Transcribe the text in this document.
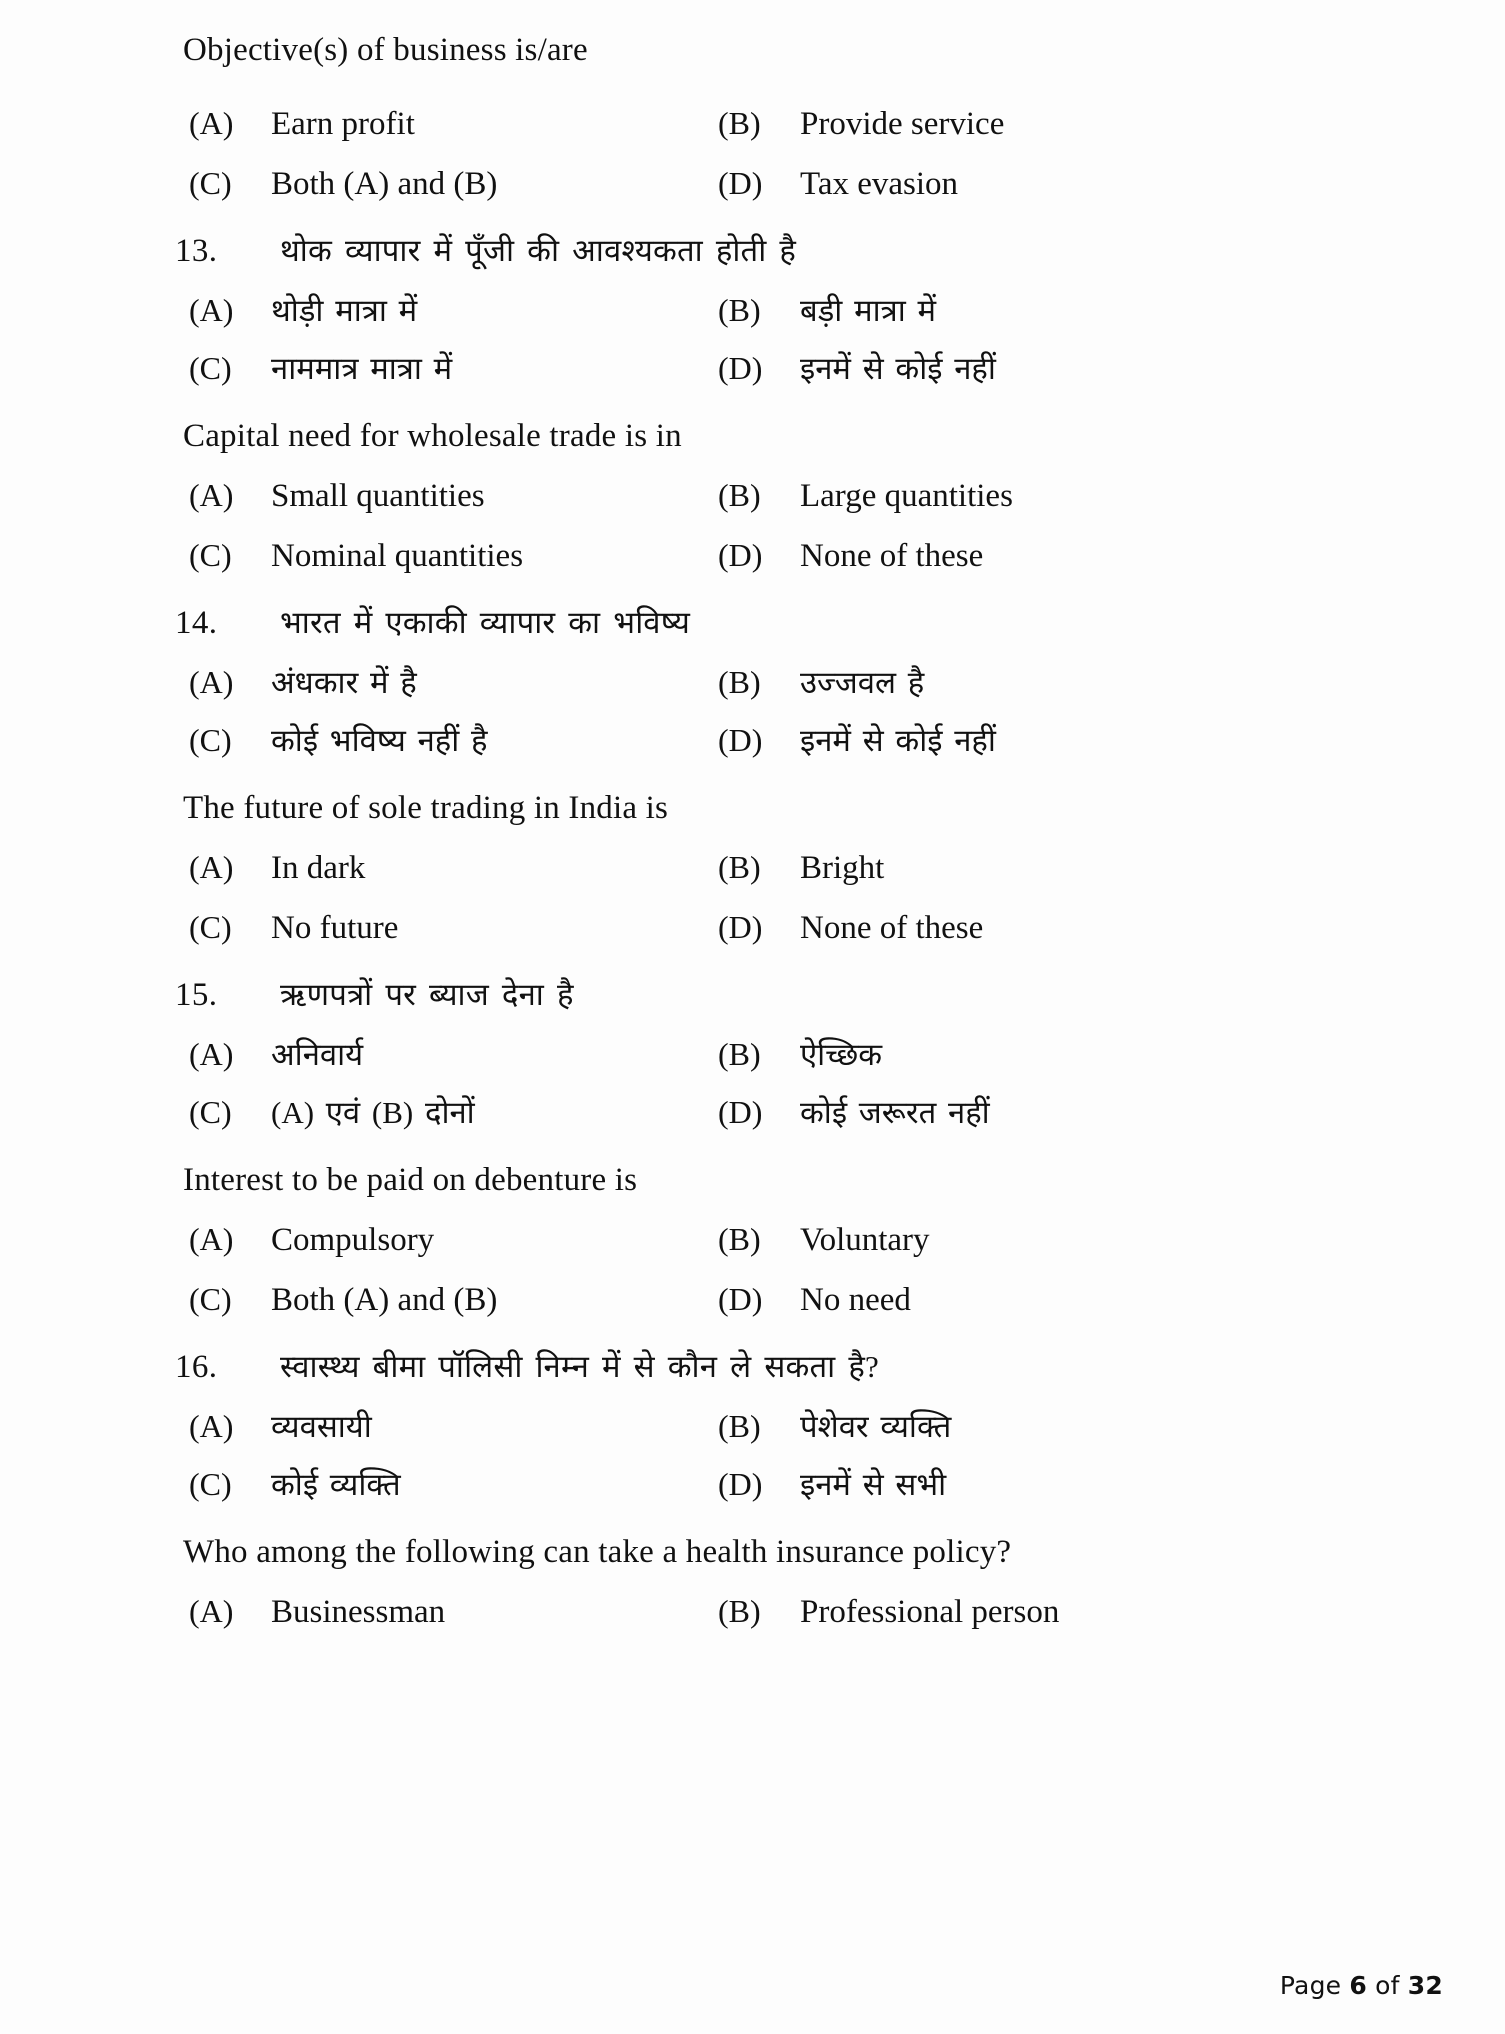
Objective(s) of business is/are
(A)	Earn profit	(B)	Provide service
(C)	Both (A) and (B)	(D)	Tax evasion
13.	थोक व्यापार में पूँजी की आवश्यकता होती है
(A)	थोड़ी मात्रा में	(B)	बड़ी मात्रा में
(C)	नाममात्र मात्रा में	(D)	इनमें से कोई नहीं
Capital need for wholesale trade is in
(A)	Small quantities	(B)	Large quantities
(C)	Nominal quantities	(D)	None of these
14.	भारत में एकाकी व्यापार का भविष्य
(A)	अंधकार में है	(B)	उज्जवल है
(C)	कोई भविष्य नहीं है	(D)	इनमें से कोई नहीं
The future of sole trading in India is
(A)	In dark	(B)	Bright
(C)	No future	(D)	None of these
15.	ऋणपत्रों पर ब्याज देना है
(A)	अनिवार्य	(B)	ऐच्छिक
(C)	(A) एवं (B) दोनों	(D)	कोई जरूरत नहीं
Interest to be paid on debenture is
(A)	Compulsory	(B)	Voluntary
(C)	Both (A) and (B)	(D)	No need
16.	स्वास्थ्य बीमा पॉलिसी निम्न में से कौन ले सकता है?
(A)	व्यवसायी	(B)	पेशेवर व्यक्ति
(C)	कोई व्यक्ति	(D)	इनमें से सभी
Who among the following can take a health insurance policy?
(A)	Businessman	(B)	Professional person
Page 6 of 32
